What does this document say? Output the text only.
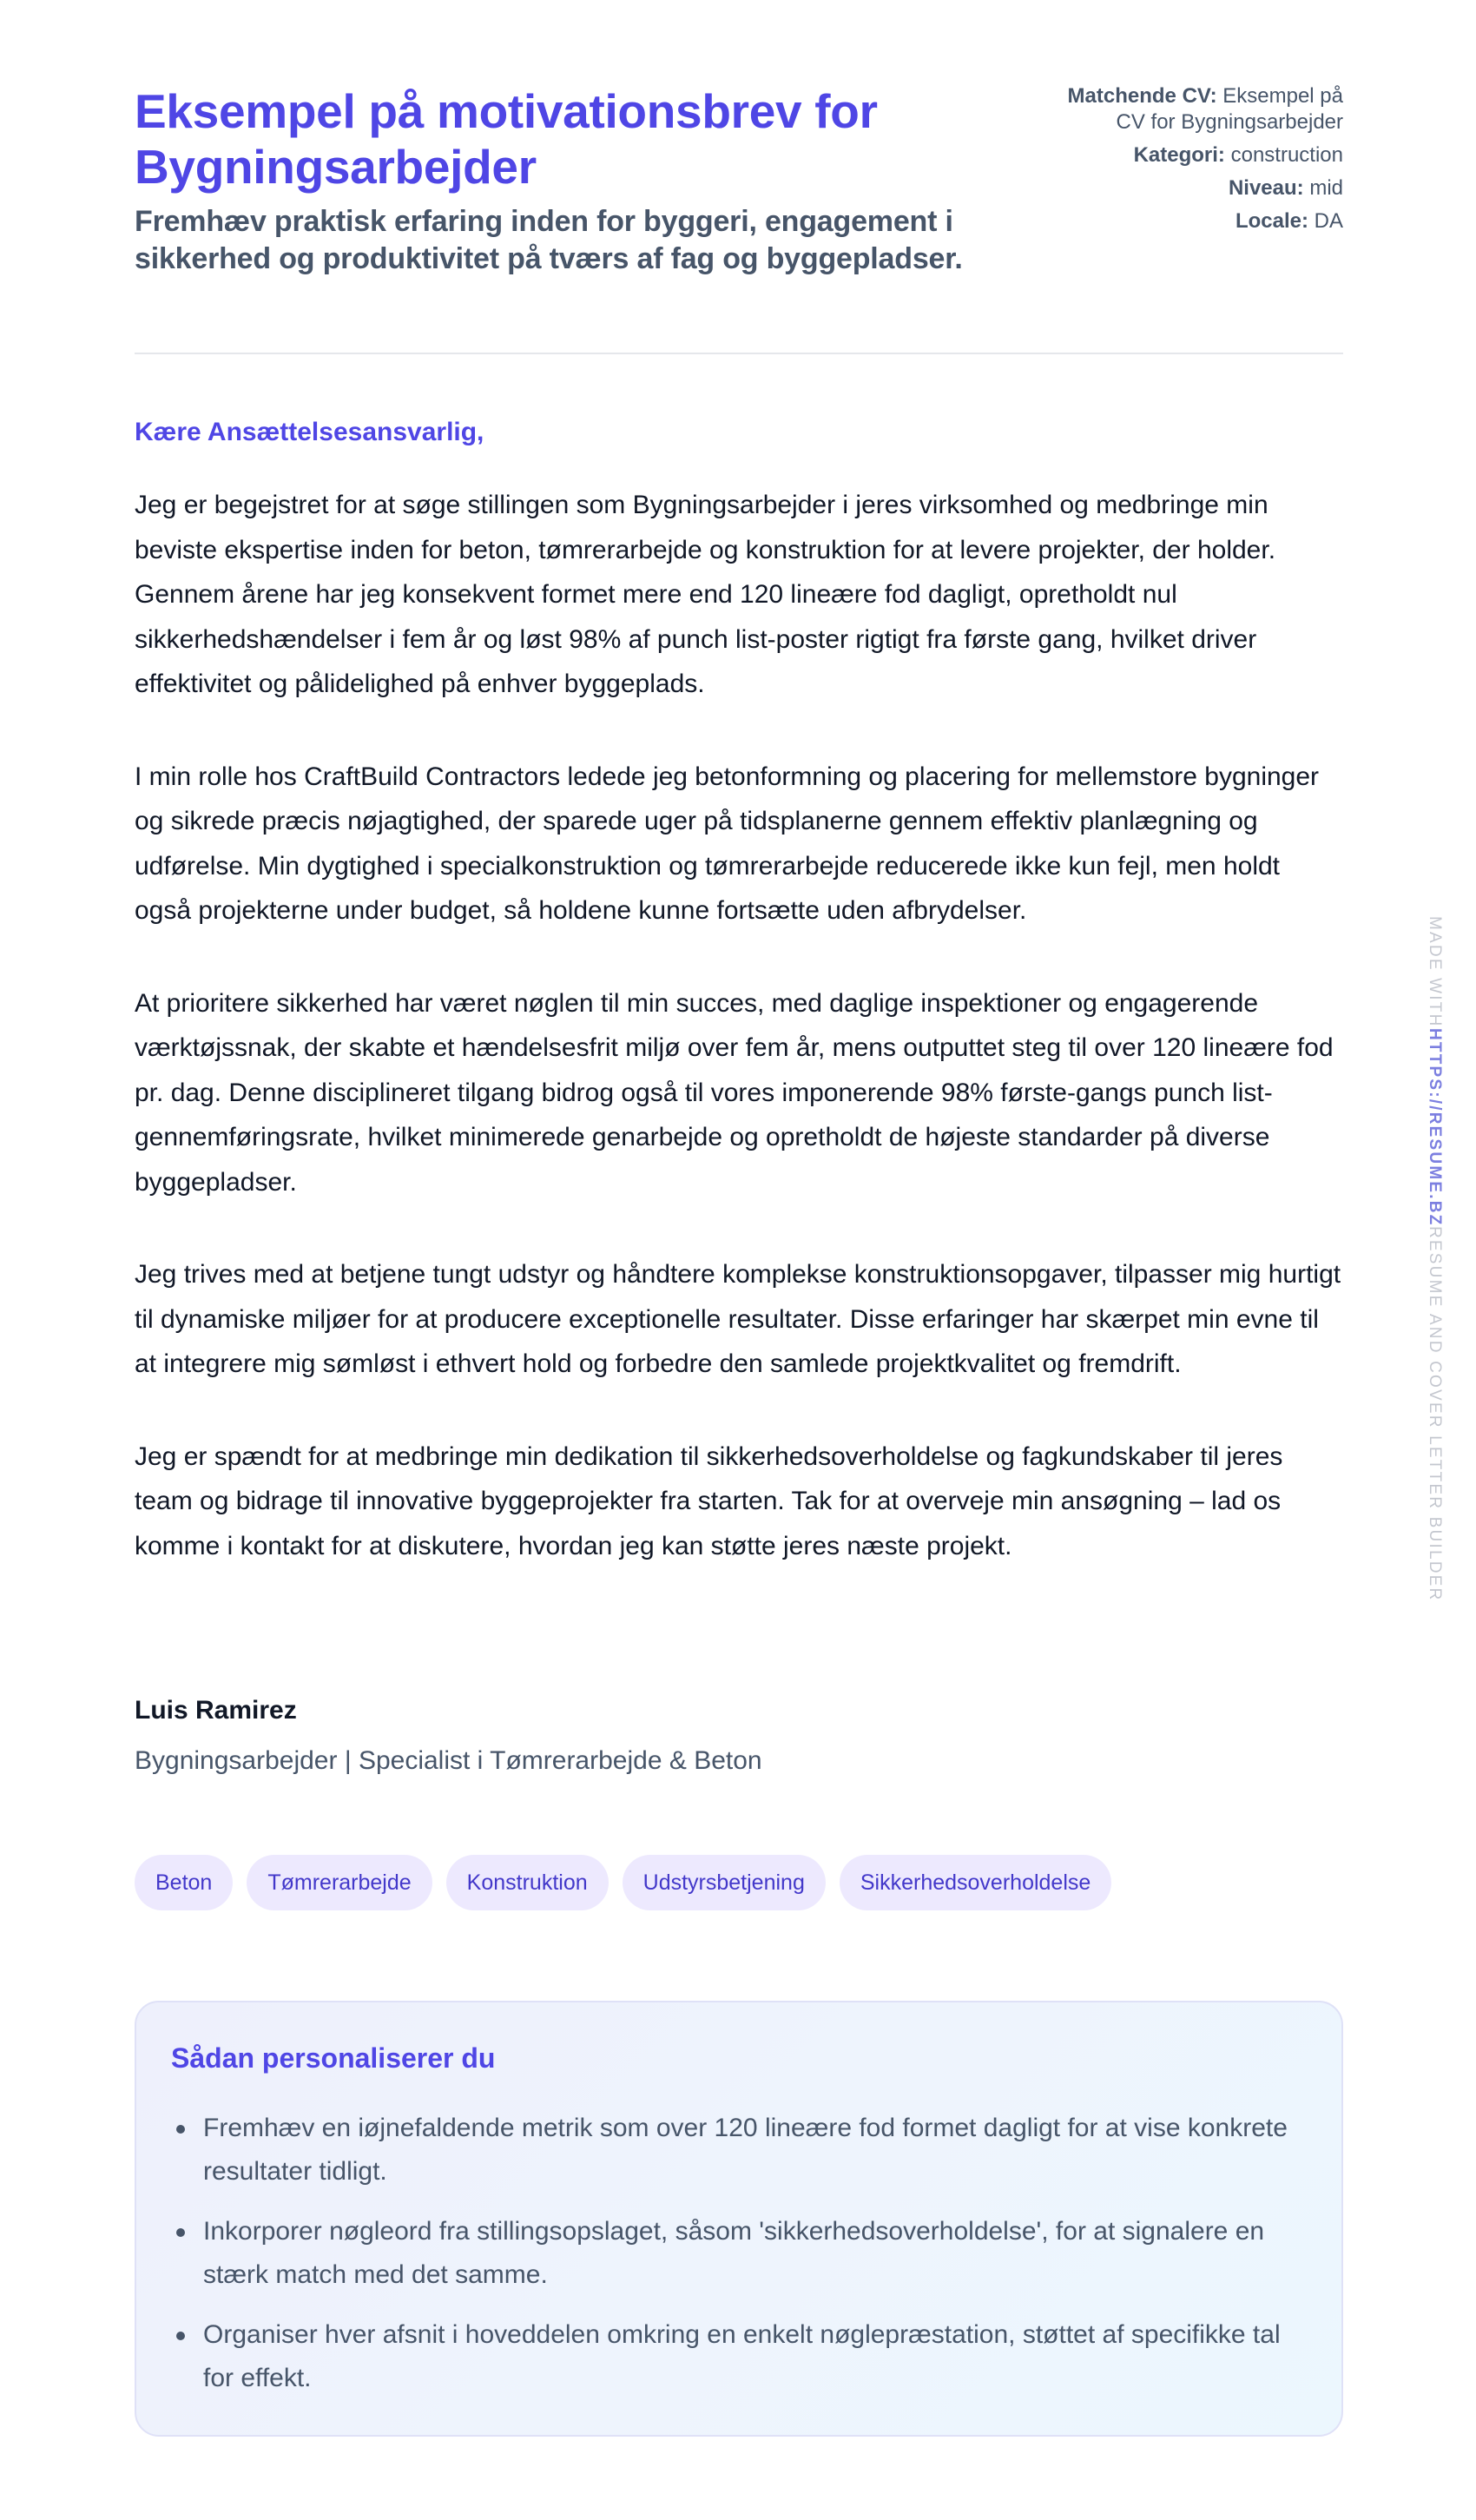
Eksempel på motivationsbrev for Bygningsarbejder
Fremhæv praktisk erfaring inden for byggeri, engagement i sikkerhed og produktivitet på tværs af fag og byggepladser.
Matchende CV: Eksempel på CV for Bygningsarbejder
Kategori: construction
Niveau: mid
Locale: DA

Kære Ansættelsesansvarlig,

Jeg er begejstret for at søge stillingen som Bygningsarbejder i jeres virksomhed og medbringe min beviste ekspertise inden for beton, tømrerarbejde og konstruktion for at levere projekter, der holder. Gennem årene har jeg konsekvent formet mere end 120 lineære fod dagligt, opretholdt nul sikkerhedshændelser i fem år og løst 98% af punch list-poster rigtigt fra første gang, hvilket driver effektivitet og pålidelighed på enhver byggeplads.

I min rolle hos CraftBuild Contractors ledede jeg betonformning og placering for mellemstore bygninger og sikrede præcis nøjagtighed, der sparede uger på tidsplanerne gennem effektiv planlægning og udførelse. Min dygtighed i specialkonstruktion og tømrerarbejde reducerede ikke kun fejl, men holdt også projekterne under budget, så holdene kunne fortsætte uden afbrydelser.

At prioritere sikkerhed har været nøglen til min succes, med daglige inspektioner og engagerende værktøjssnak, der skabte et hændelsesfrit miljø over fem år, mens outputtet steg til over 120 lineære fod pr. dag. Denne disciplineret tilgang bidrog også til vores imponerende 98% første-gangs punch list-gennemføringsrate, hvilket minimerede genarbejde og opretholdt de højeste standarder på diverse byggepladser.

Jeg trives med at betjene tungt udstyr og håndtere komplekse konstruktionsopgaver, tilpasser mig hurtigt til dynamiske miljøer for at producere exceptionelle resultater. Disse erfaringer har skærpet min evne til at integrere mig sømløst i ethvert hold og forbedre den samlede projektkvalitet og fremdrift.

Jeg er spændt for at medbringe min dedikation til sikkerhedsoverholdelse og fagkundskaber til jeres team og bidrage til innovative byggeprojekter fra starten. Tak for at overveje min ansøgning – lad os komme i kontakt for at diskutere, hvordan jeg kan støtte jeres næste projekt.

Luis Ramirez

Bygningsarbejder | Specialist i Tømrerarbejde & Beton

Beton	Tømrerarbejde	Konstruktion	Udstyrsbetjening	Sikkerhedsoverholdelse
Sådan personaliserer du
Fremhæv en iøjnefaldende metrik som over 120 lineære fod formet dagligt for at vise konkrete resultater tidligt.
Inkorporer nøgleord fra stillingsopslaget, såsom 'sikkerhedsoverholdelse', for at signalere en stærk match med det samme.
Organiser hver afsnit i hoveddelen omkring en enkelt nøglepræstation, støttet af specifikke tal for effekt.
MADE WITHHTTPS://RESUME.BZRESUME AND COVER LETTER BUILDER
